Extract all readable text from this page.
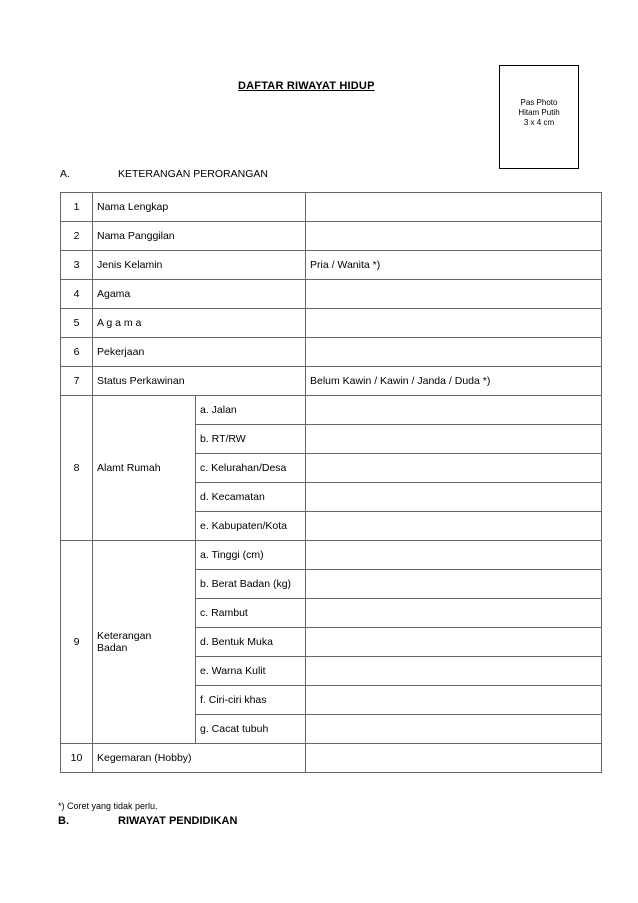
DAFTAR RIWAYAT HIDUP
Pas Photo
Hitam Putih
3 x 4 cm
A.	KETERANGAN PERORANGAN
1	Nama Lengkap		
2	Nama Panggilan		
3	Jenis Kelamin		Pria / Wanita *)
4	Agama		
5	A g a m a		
6	Pekerjaan		
7	Status Perkawinan		Belum Kawin / Kawin / Janda / Duda *)
8	Alamt Rumah	a. Jalan	
		b. RT/RW	
		c. Kelurahan/Desa	
		d. Kecamatan	
		e. Kabupaten/Kota	
9	Keterangan
Badan	a. Tinggi (cm)	
		b. Berat Badan (kg)	
		c. Rambut	
		d. Bentuk Muka	
		e. Warna Kulit	
		f. Ciri-ciri khas	
		g. Cacat tubuh	
10	Kegemaran (Hobby)		
*) Coret yang tidak perlu.
B.	RIWAYAT PENDIDIKAN
